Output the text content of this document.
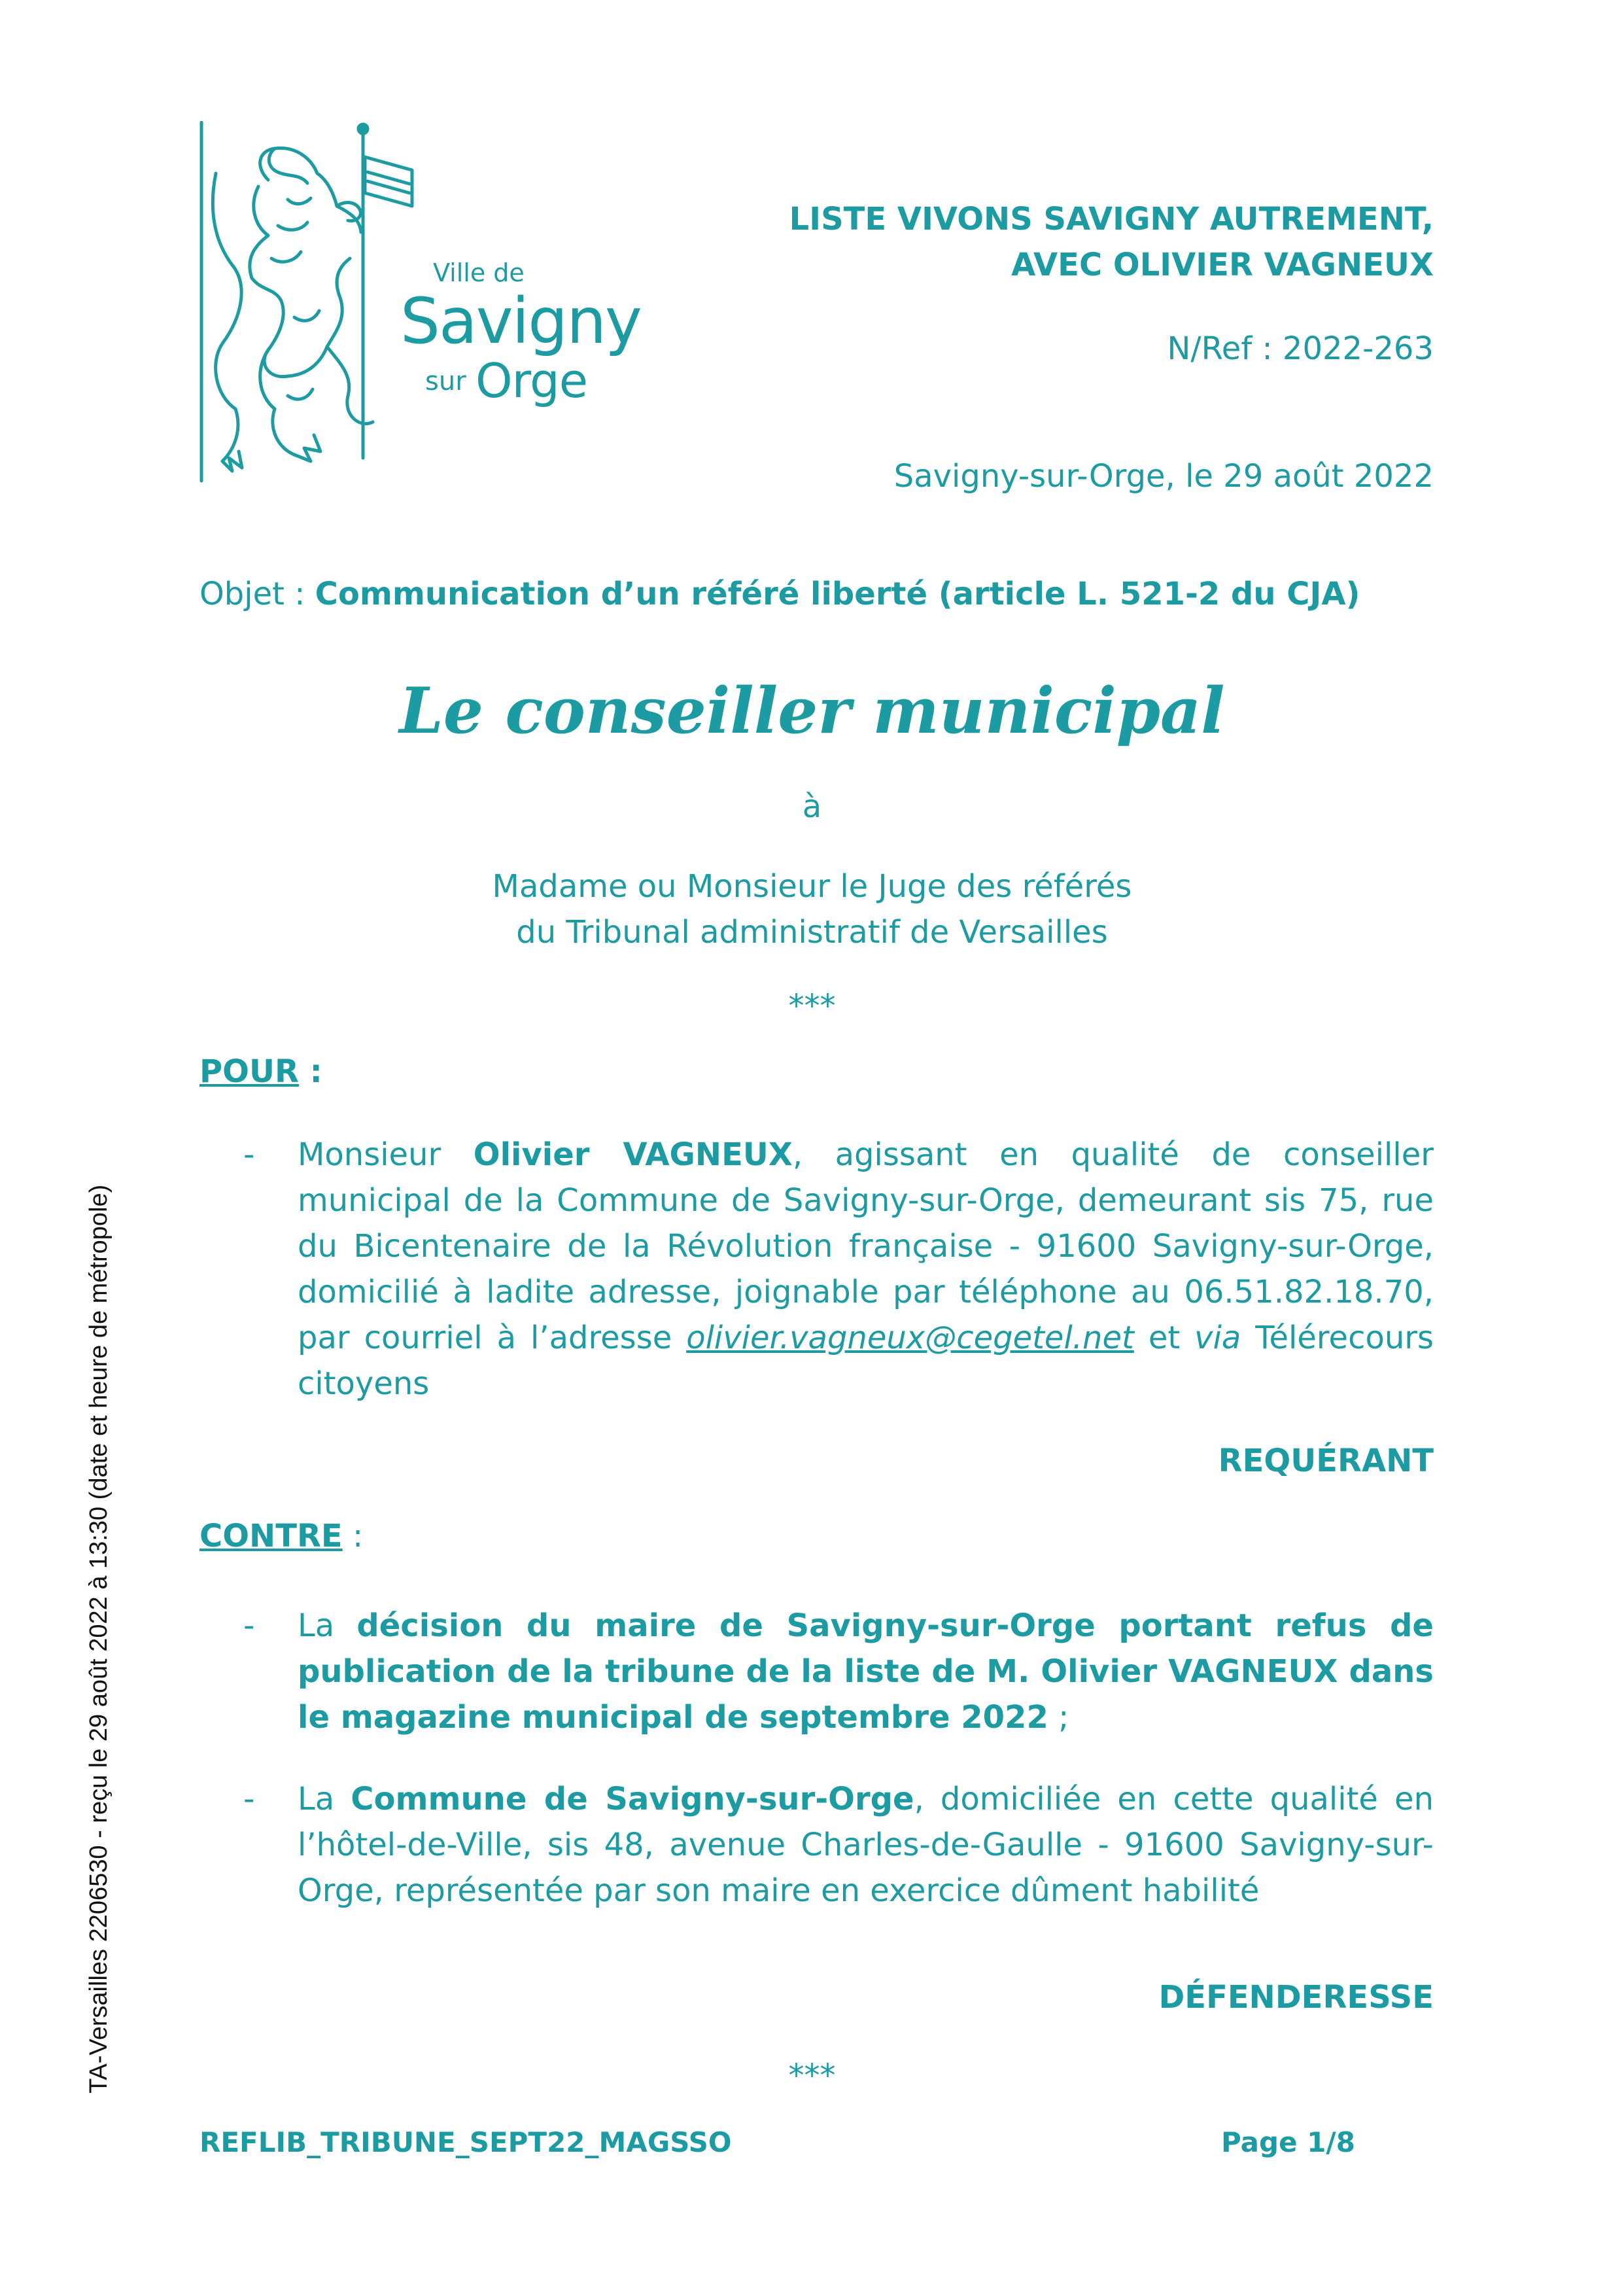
Ville de
Savigny
sur Orge
LISTE VIVONS SAVIGNY AUTREMENT,
AVEC OLIVIER VAGNEUX
N/Ref : 2022-263
Savigny-sur-Orge, le 29 août 2022
Objet : Communication d’un référé liberté (article L. 521-2 du CJA)
Le conseiller municipal
à
Madame ou Monsieur le Juge des référés
du Tribunal administratif de Versailles
***
POUR :
- Monsieur Olivier VAGNEUX, agissant en qualité de conseiller municipal de la Commune de Savigny-sur-Orge, demeurant sis 75, rue du Bicentenaire de la Révolution française - 91600 Savigny-sur-Orge, domicilié à ladite adresse, joignable par téléphone au 06.51.82.18.70, par courriel à l’adresse olivier.vagneux@cegetel.net et via Télérecours citoyens
REQUÉRANT
CONTRE :
- La décision du maire de Savigny-sur-Orge portant refus de publication de la tribune de la liste de M. Olivier VAGNEUX dans le magazine municipal de septembre 2022 ;
- La Commune de Savigny-sur-Orge, domiciliée en cette qualité en l’hôtel-de-Ville, sis 48, avenue Charles-de-Gaulle - 91600 Savigny-sur-Orge, représentée par son maire en exercice dûment habilité
DÉFENDERESSE
***
REFLIB_TRIBUNE_SEPT22_MAGSSO	Page 1/8
TA-Versailles 2206530 - reçu le 29 août 2022 à 13:30 (date et heure de métropole)
